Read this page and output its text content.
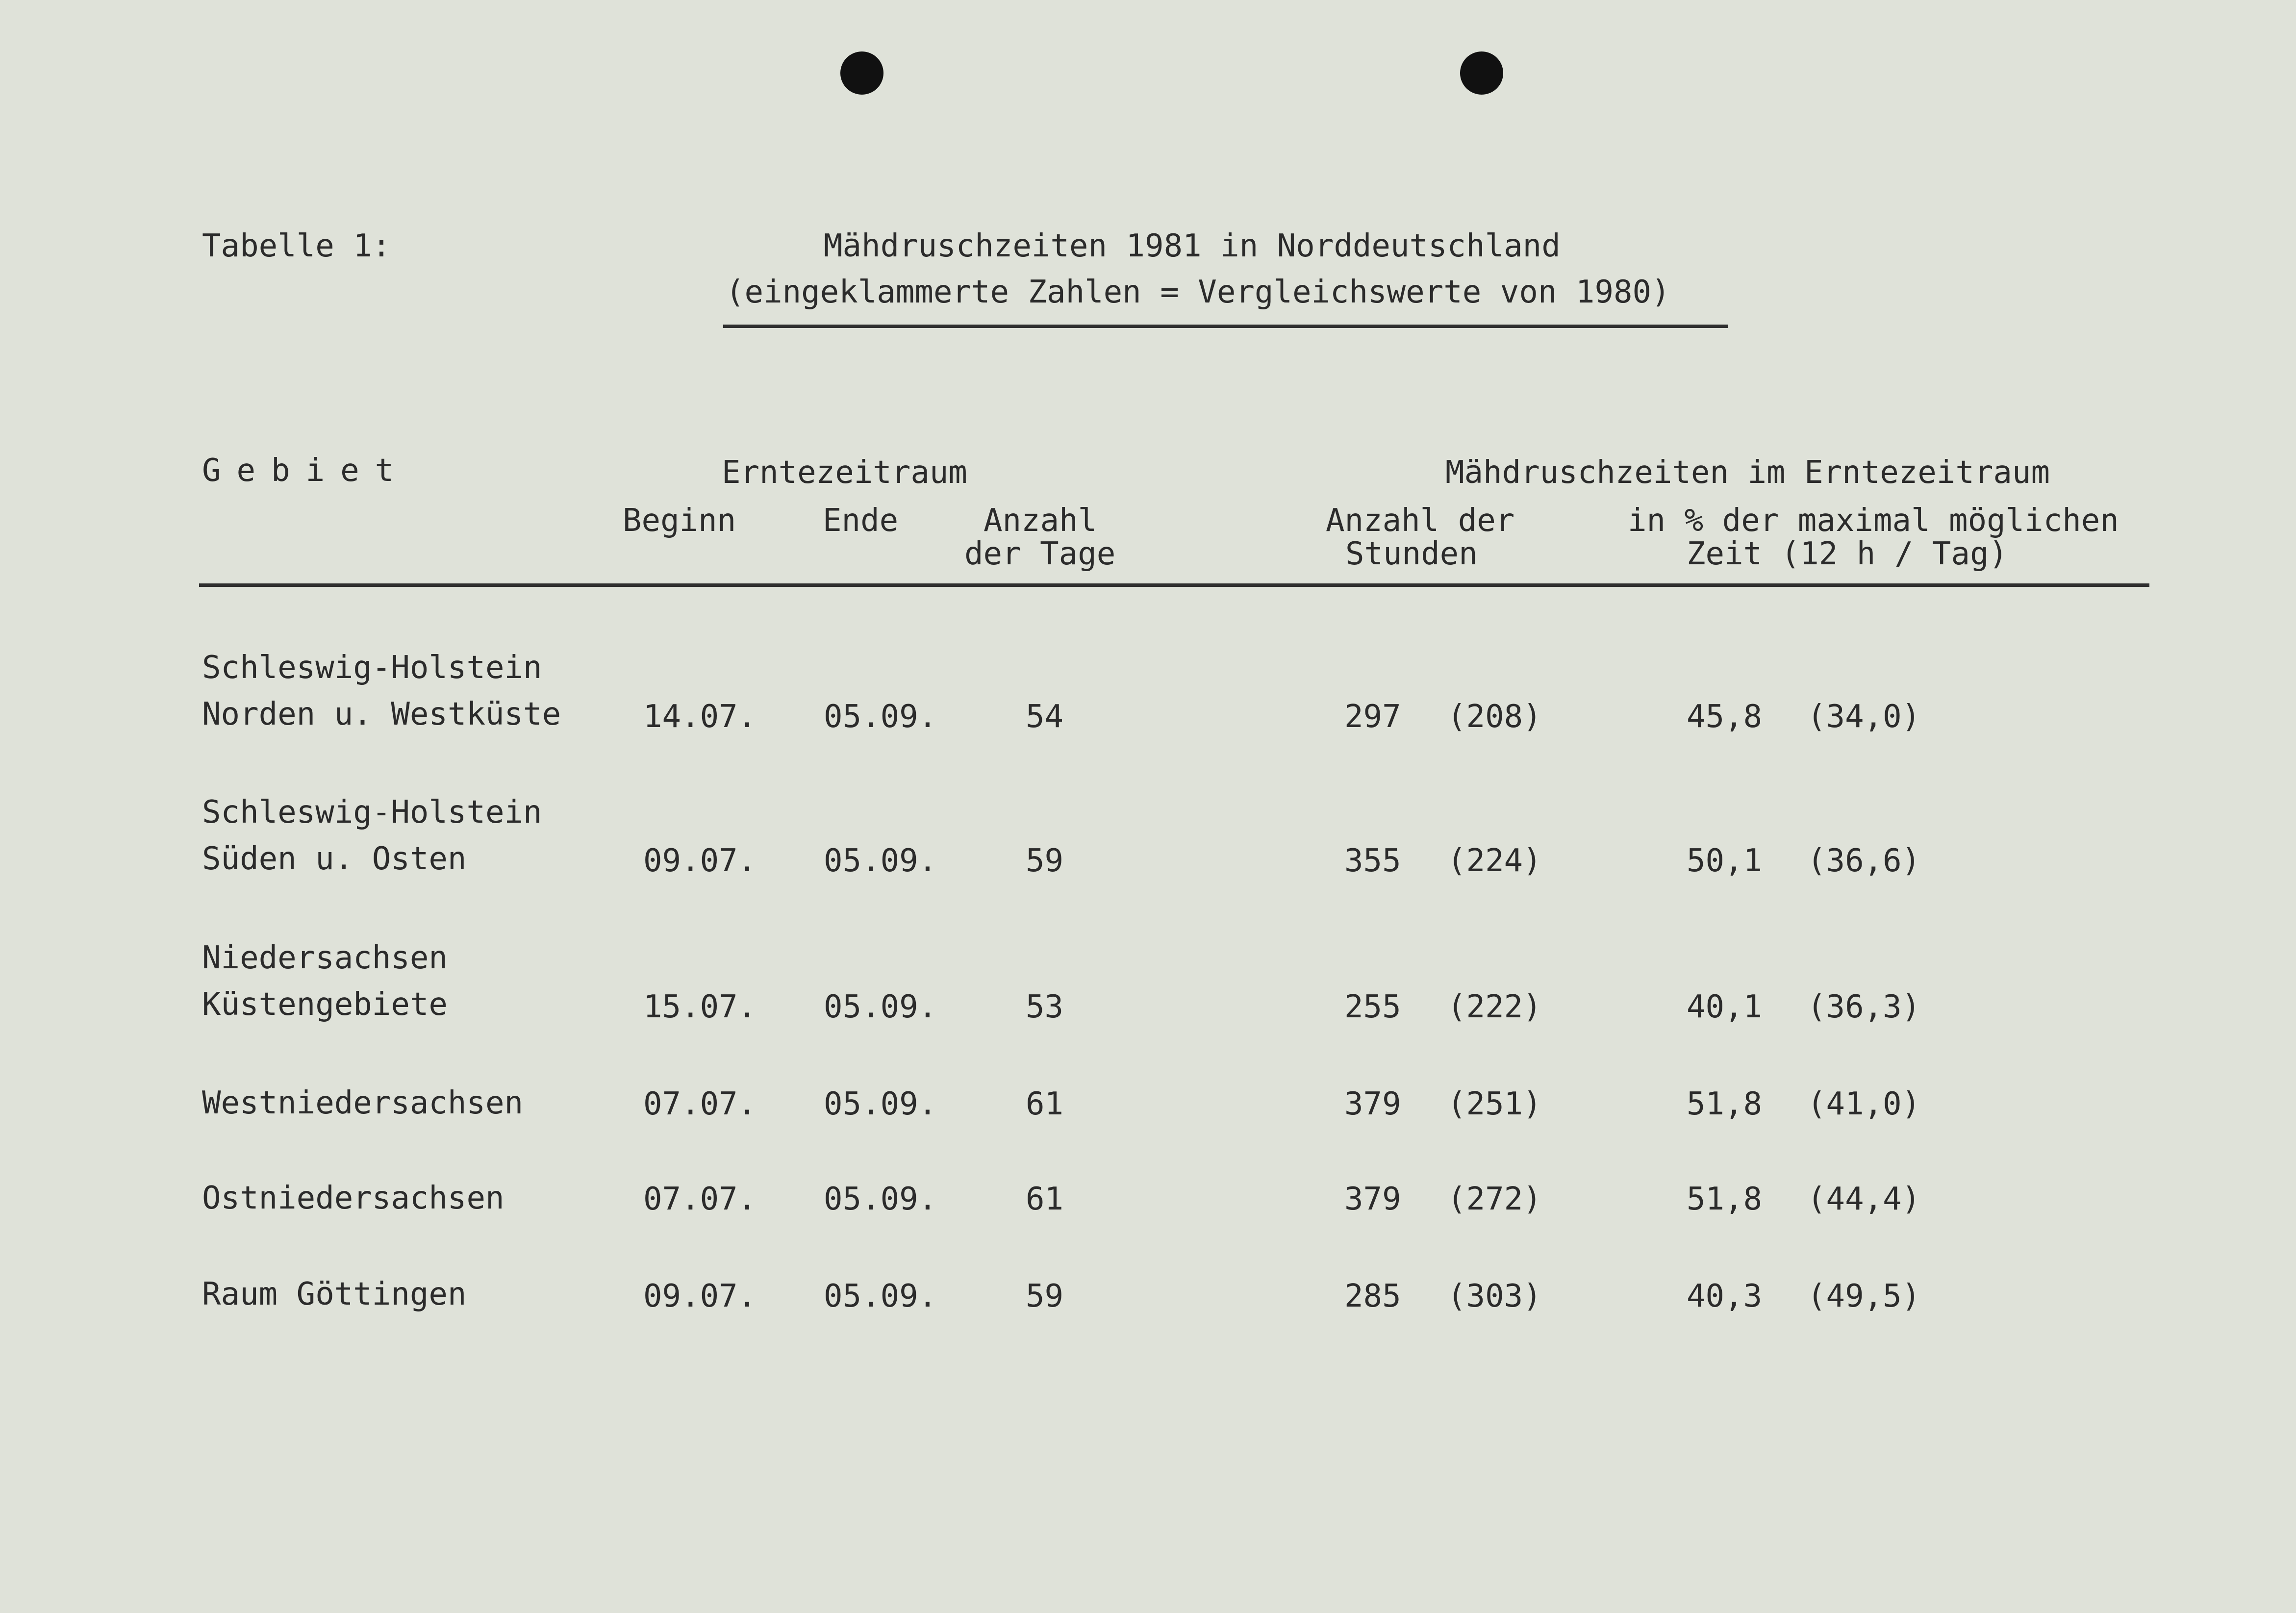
Tabelle 1:	Mähdruschzeiten 1981 in Norddeutschland
(eingeklammerte Zahlen = Vergleichswerte von 1980)
Gebiet	Erntezeitraum	Mähdruschzeiten im Erntezeitraum
Beginn	Ende	Anzahl
der Tage
Anzahl der
Stunden
in % der maximal möglichen
Zeit (12 h / Tag)
Schleswig-Holstein
Norden u. Westküste	14.07. 05.09.	54	297 (208)	45,8 (34,0)
Schleswig-Holstein
Süden u. Osten	09.07. 05.09.	59	355 (224)	50,1 (36,6)
Niedersachsen
Küstengebiete	15.07. 05.09.	53	255 (222)	40,1 (36,3)
Westniedersachsen	07.07. 05.09.	61	379 (251)	51,8 (41,0)
Ostniedersachsen	07.07. 05.09.	61	379 (272)	51,8 (44,4)
Raum Göttingen	09.07. 05.09.	59	285 (303)	40,3 (49,5)
